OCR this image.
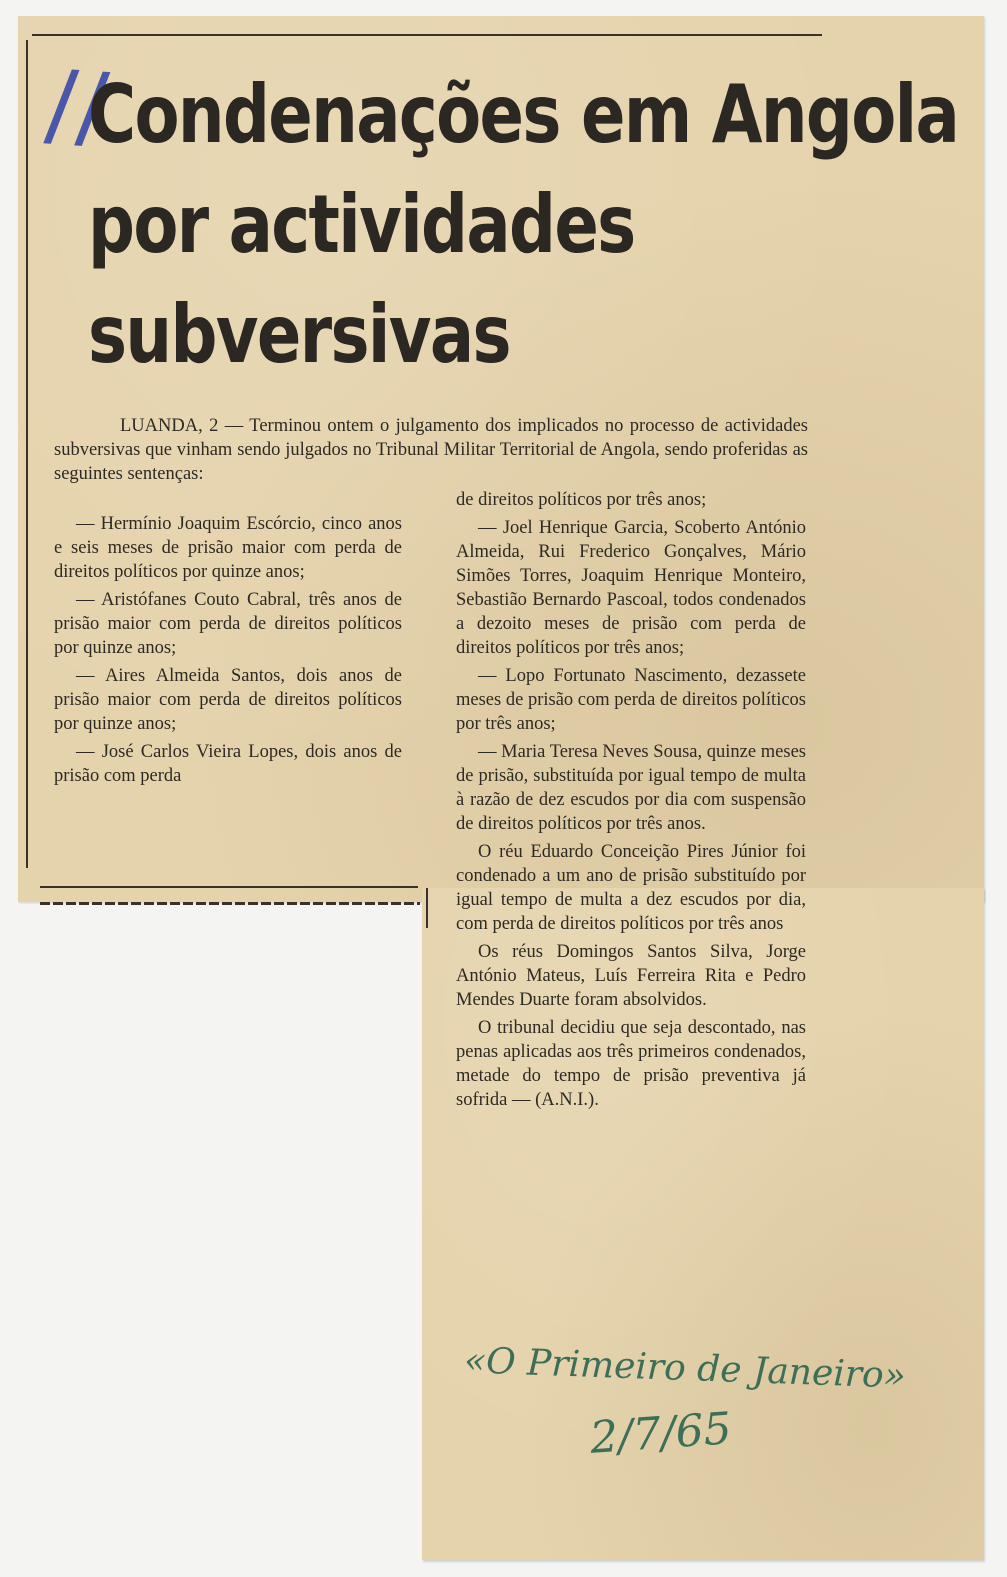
//
Condenações em Angola
por actividades
subversivas

LUANDA, 2 — Terminou ontem o julgamento dos implicados no processo de actividades subversivas que vinham sendo julgados no Tribunal Militar Territorial de Angola, sendo proferidas as seguintes sentenças:

— Hermínio Joaquim Escórcio, cinco anos e seis meses de prisão maior com perda de direitos políticos por quinze anos;

— Aristófanes Couto Cabral, três anos de prisão maior com perda de direitos políticos por quinze anos;

— Aires Almeida Santos, dois anos de prisão maior com perda de direitos políticos por quinze anos;

— José Carlos Vieira Lopes, dois anos de prisão com perda

de direitos políticos por três anos;

— Joel Henrique Garcia, Scoberto António Almeida, Rui Frederico Gonçalves, Mário Simões Torres, Joaquim Henrique Monteiro, Sebastião Bernardo Pascoal, todos condenados a dezoito meses de prisão com perda de direitos políticos por três anos;

— Lopo Fortunato Nascimento, dezassete meses de prisão com perda de direitos políticos por três anos;

— Maria Teresa Neves Sousa, quinze meses de prisão, substituída por igual tempo de multa à razão de dez escudos por dia com suspensão de direitos políticos por três anos.

O réu Eduardo Conceição Pires Júnior foi condenado a um ano de prisão substituído por igual tempo de multa a dez escudos por dia, com perda de direitos políticos por três anos

Os réus Domingos Santos Silva, Jorge António Mateus, Luís Ferreira Rita e Pedro Mendes Duarte foram absolvidos.

O tribunal decidiu que seja descontado, nas penas aplicadas aos três primeiros condenados, metade do tempo de prisão preventiva já sofrida — (A.N.I.).

«O Primeiro de Janeiro»
2/7/65
